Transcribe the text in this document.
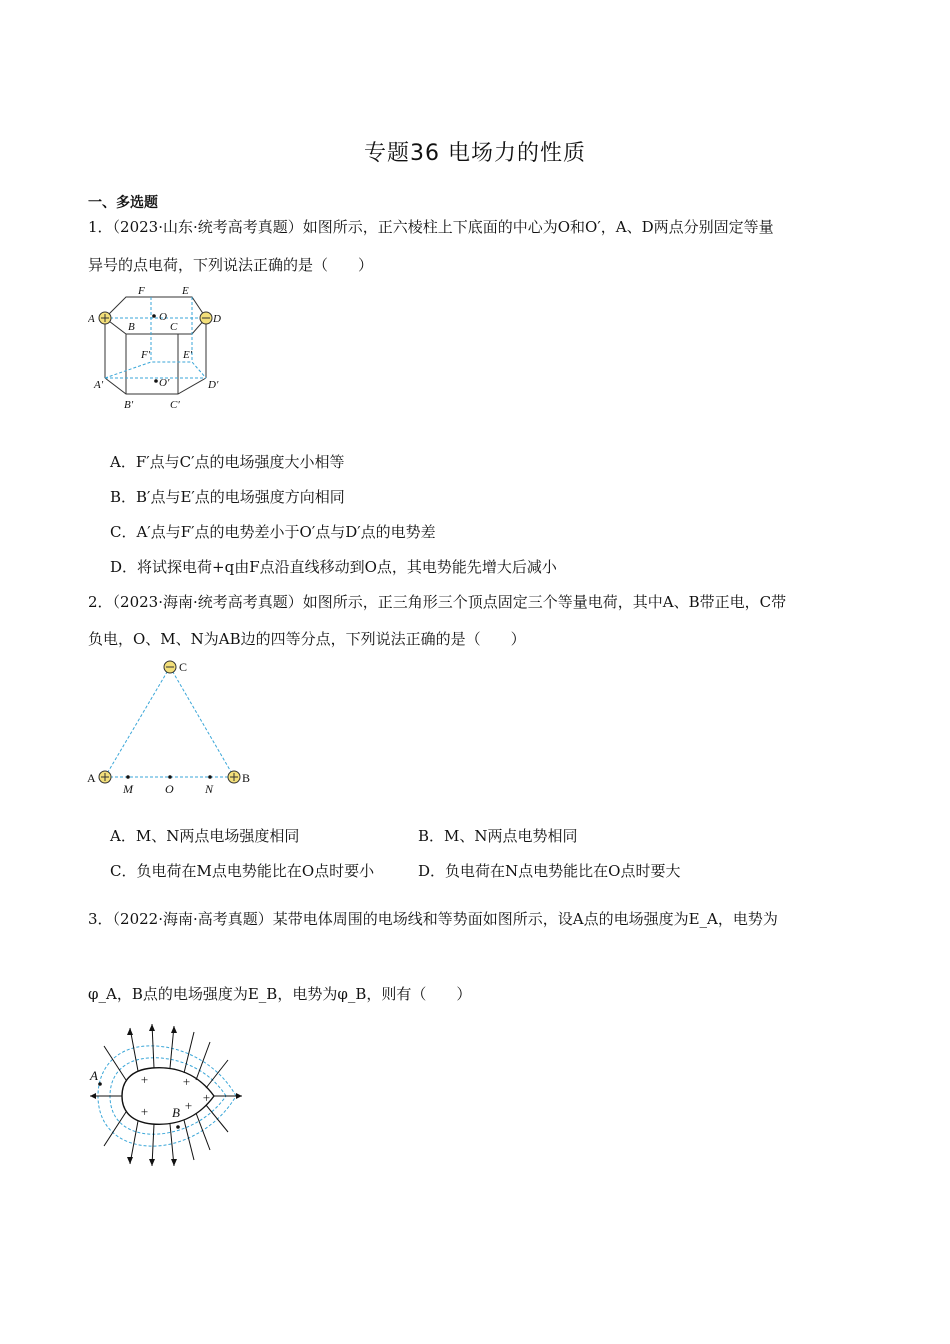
专题36 电场力的性质
一、多选题
1．（2023·山东·统考高考真题）如图所示，正六棱柱上下底面的中心为O和O′，A、D两点分别固定等量
异号的点电荷，下列说法正确的是（　　）
A
B	C
D
E
F
O
A′
B′	C′
D′
E′
F′
O′
A．F′点与C′点的电场强度大小相等
B．B′点与E′点的电场强度方向相同
C．A′点与F′点的电势差小于O′点与D′点的电势差
D．将试探电荷+q由F点沿直线移动到O点，其电势能先增大后减小
2．（2023·海南·统考高考真题）如图所示，正三角形三个顶点固定三个等量电荷，其中A、B带正电，C带
负电，O、M、N为AB边的四等分点，下列说法正确的是（　　）
C
A	B
M	O	N
A．M、N两点电场强度相同	B．M、N两点电势相同
C．负电荷在M点电势能比在O点时要小	D．负电荷在N点电势能比在O点时要大
3．（2022·海南·高考真题）某带电体周围的电场线和等势面如图所示，设A点的电场强度为E_A，电势为
φ_A，B点的电场强度为E_B，电势为φ_B，则有（　　）
+	+
+	+
+
A
B
